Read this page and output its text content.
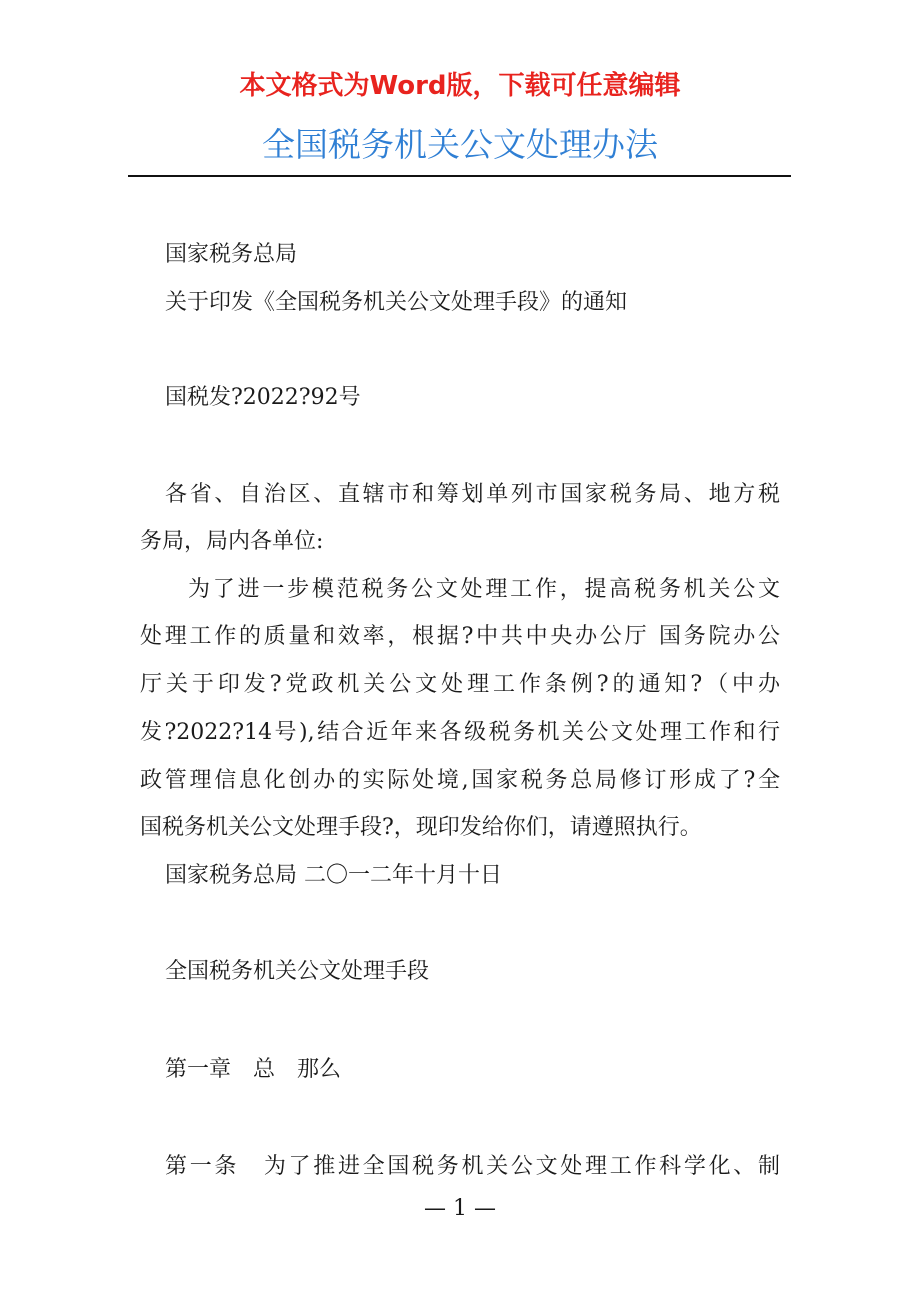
本文格式为Word版，下载可任意编辑
全国税务机关公文处理办法
国家税务总局
关于印发《全国税务机关公文处理手段》的通知
国税发?2022?92号
各省、自治区、直辖市和筹划单列市国家税务局、地方税
务局，局内各单位:
为了进一步模范税务公文处理工作，提高税务机关公文
处理工作的质量和效率，根据?中共中央办公厅 国务院办公
厅关于印发?党政机关公文处理工作条例?的通知?（中办
发?2022?14号),结合近年来各级税务机关公文处理工作和行
政管理信息化创办的实际处境,国家税务总局修订形成了?全
国税务机关公文处理手段?，现印发给你们，请遵照执行。
国家税务总局 二〇一二年十月十日
全国税务机关公文处理手段
第一章　总　那么
第一条　为了推进全国税务机关公文处理工作科学化、制
— 1 —
